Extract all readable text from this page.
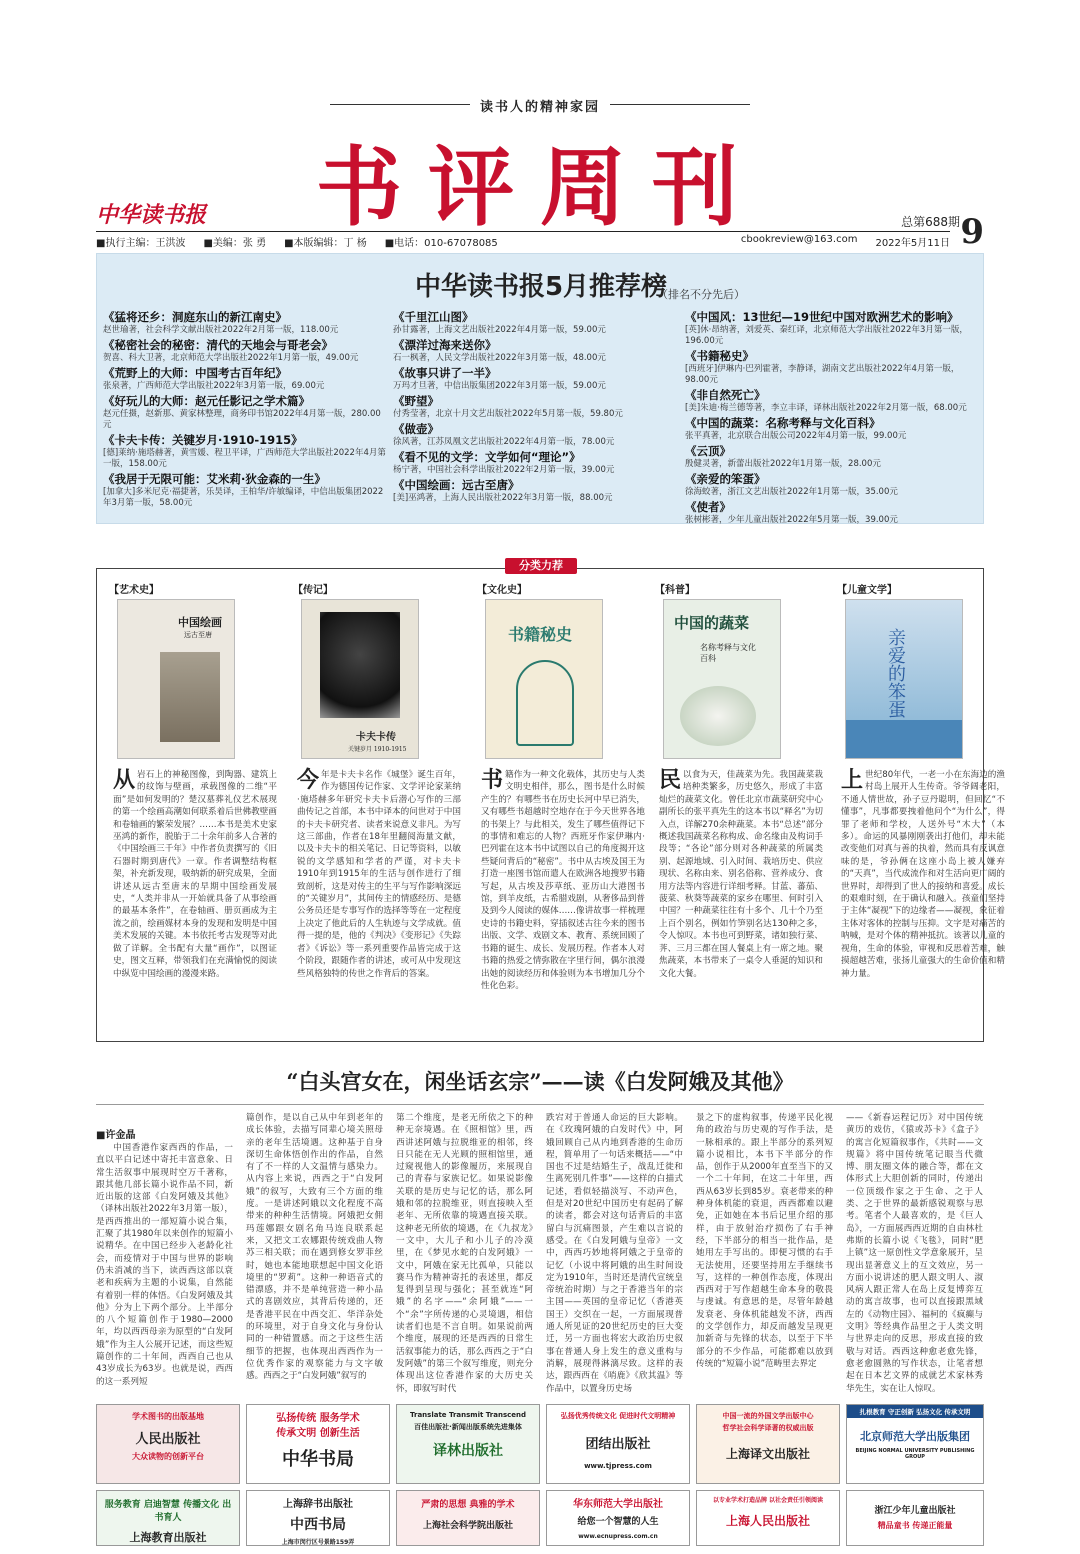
读书人的精神家园
书评周刊
中华读书报	总第688期 9
■执行主编：王洪波 ■美编：张 勇 ■本版编辑：丁 杨 ■电话：010-67078085	cbookreview@163.com 2022年5月11日
中华读书报5月推荐榜
（排名不分先后）
《猛将还乡：洞庭东山的新江南史》
赵世瑜著，社会科学文献出版社2022年2月第一版，118.00元
《秘密社会的秘密：清代的天地会与哥老会》
贺喜、科大卫著，北京师范大学出版社2022年1月第一版，49.00元
《荒野上的大师：中国考古百年纪》
张泉著，广西师范大学出版社2022年3月第一版，69.00元
《好玩儿的大师：赵元任影记之学术篇》
赵元任摄，赵新那、黄家林整理，商务印书馆2022年4月第一版，280.00元
《卡夫卡传：关键岁月·1910-1915》
[德]莱纳·施塔赫著，黄雪媛、程卫平译，广西师范大学出版社2022年4月第一版，158.00元
《我居于无限可能：艾米莉·狄金森的一生》
[加拿大]多米尼克·福捷著，乐昊译，王柏华/许敏编译，中信出版集团2022年3月第一版，58.00元
《千里江山图》
孙甘露著，上海文艺出版社2022年4月第一版，59.00元
《漂洋过海来送你》
石一枫著，人民文学出版社2022年3月第一版，48.00元
《故事只讲了一半》
万玛才旦著，中信出版集团2022年3月第一版，59.00元
《野望》
付秀莹著，北京十月文艺出版社2022年5月第一版，59.80元
《做壶》
徐风著，江苏凤凰文艺出版社2022年4月第一版，78.00元
《看不见的文学：文学如何“理论”》
杨宁著，中国社会科学出版社2022年2月第一版，39.00元
《中国绘画：远古至唐》
[美]巫鸿著，上海人民出版社2022年3月第一版，88.00元
《中国风：13世纪—19世纪中国对欧洲艺术的影响》
[英]休·昂纳著，刘爱英、秦红译，北京师范大学出版社2022年3月第一版，196.00元
《书籍秘史》
[西班牙]伊琳内·巴列霍著，李静译，湖南文艺出版社2022年4月第一版，98.00元
《非自然死亡》
[美]朱迪·梅兰德等著，李立丰译，译林出版社2022年2月第一版，68.00元
《中国的蔬菜：名称考释与文化百科》
张平真著，北京联合出版公司2022年4月第一版，99.00元
《云顶》
殷健灵著，新蕾出版社2022年1月第一版，28.00元
《亲爱的笨蛋》
徐海蛟著，浙江文艺出版社2022年1月第一版，35.00元
《使者》
张树彬著，少年儿童出版社2022年5月第一版，39.00元
【艺术史】
中国绘画
远古至唐
从岩石上的神秘图像，到陶器、建筑上的纹饰与壁画，承载图像的二维“平面”是如何发明的？楚汉墓葬礼仪艺术展现的第一个绘画高潮如何联系着后世佛教壁画和卷轴画的繁荣发展？……本书是美术史家巫鸿的新作，脱胎于二十余年前多人合著的《中国绘画三千年》中作者负责撰写的《旧石器时期到唐代》一章。作者调整结构框架，补充新发现，吸纳新的研究成果，全面讲述从远古至唐末的早期中国绘画发展史，“人类并非从一开始就具备了从事绘画的最基本条件”，在卷轴画、册页画成为主流之前，绘画媒材本身的发现和发明是中国美术发展的关键。本书依托考古发现等对此做了详解。全书配有大量“画作”，以图证史，图文互释，带领我们在充满愉悦的阅读中纵览中国绘画的漫漫来路。
【传记】
卡夫卡传
关键岁月 1910-1915
今年是卡夫卡名作《城堡》诞生百年，作为德国传记作家、文学评论家莱纳·施塔赫多年研究卡夫卡后潜心写作的三部曲传记之首部，本书中译本的问世对于中国的卡夫卡研究者、读者来说意义非凡。为写这三部曲，作者在18年里翻阅海量文献，以及卡夫卡的相关笔记、日记等资料，以敏锐的文学感知和学者的严谨，对卡夫卡1910年到1915年的生活与创作进行了细致剖析，这是对传主的生平与写作影响深远的“关键岁月”，其间传主的情感经历、是德公务员还是专事写作的选择等等在一定程度上决定了他此后的人生轨迹与文学成就。值得一提的是，他的《判决》《变形记》《失踪者》《诉讼》等一系列重要作品皆完成于这个阶段，跟随作者的讲述，或可从中发现这些风格独特的传世之作背后的答案。
【文化史】
书籍秘史
书籍作为一种文化载体，其历史与人类文明史相伴，那么，图书是什么时候产生的？有哪些书在历史长河中早已消失，又有哪些书超越时空地存在于今天世界各地的书架上？与此相关，发生了哪些值得记下的事情和难忘的人物？西班牙作家伊琳内·巴列霍在这本书中试图以自己的角度揭开这些疑问背后的“秘密”。书中从古埃及国王为打造一座图书馆而遣人在欧洲各地搜罗书籍写起，从古埃及莎草纸、亚历山大港图书馆，到羊皮纸，古希腊戏剧，从奢侈品到普及到今人阅读的媒体……像讲故事一样梳理史诗的书籍史料，穿插叙述古往今来的图书出版、文学、戏剧文本、教育、系统回顾了书籍的诞生、成长、发展历程。作者本人对书籍的热爱之情弥散在字里行间，偶尔浪漫出她的阅读经历和体验则为本书增加几分个性化色彩。
【科普】
中国的蔬菜
名称考释与文化百科
民以食为天，佳蔬菜为先。我国蔬菜栽培种类繁多，历史悠久，形成了丰富灿烂的蔬菜文化。曾任北京市蔬菜研究中心副所长的张平真先生的这本书以“释名”为切入点，详解270余种蔬菜。本书“总述”部分概述我国蔬菜名称构成、命名缘由及构词手段等；“各论”部分则对各种蔬菜的所属类别、起源地域、引入时间、栽培历史、供应现状、名称由来、别名俗称、营养成分、食用方法等内容进行详细考释。甘蓝、蕃茄、菠菜、秋葵等蔬菜的家乡在哪里、何时引入中国？一种蔬菜往往有十多个、几十个乃至上百个别名，例如竹笋别名达130种之多，令人惊叹。本书也可到野菜，诸如独行菜、荠、三月三都在国人餐桌上有一席之地。聚焦蔬菜，本书带来了一桌令人垂涎的知识和文化大餐。
【儿童文学】
亲爱的笨蛋
上世纪80年代，一老一小在东海边的渔村岛上展开人生传奇。爷爷阔老阳，不通人情世故，孙子豆丹聪明，但回忆“不懂事”，凡事都要拽着他问个“为什么”，得罪了老师和学校，人送外号“木大”（本多）。命运的风暴刚刚袭出打他们，却未能改变他们对真与善的执着，然而具有反讽意味的是，爷孙俩在这座小岛上被人嫌弃的“天真”，当代成流作和对生活向更广阔的世界时，却得到了世人的接纳和喜爱。成长的艰难时刻，在于确认和融入。孩童们坚持于主体“凝视”下的边缘者——凝视，象征着主体对客体的控制与压抑。文字是对痛苦的呐喊，是对个体的精神抵抗。该著以儿童的视角，生命的体验，审视和反思着苦难，触摸超越苦难，张扬儿童强大的生命价值和精神力量。
分类力荐
“白头宫女在，闲坐话玄宗”——读《白发阿娥及其他》
■许金晶
中国香港作家西西的作品，一直以平白记述中寄托丰富意象、日常生活叙事中展现时空万千著称，跟其他几部长篇小说作品不同，新近出版的这部《白发阿娥及其他》（译林出版社2022年3月第一版），是西西推出的一部短篇小说合集，汇聚了其1980年以来创作的短篇小说精华。在中国已经步入老龄化社会，而疫情对于中国与世界的影响仍未消减的当下，读西西这部以衰老和疾病为主题的小说集，自然能有着别一样的体悟。《白发阿娥及其他》分为上下两个部分。上半部分的八个短篇创作于1980—2000年，均以西西母亲为原型的“白发阿娥”作为主人公展开记述，而这些短篇创作的二十年间，西西自己也从43岁成长为63岁。也就是说，西西的这一系列短
篇创作，是以自己从中年到老年的成长体验，去描写同辈心境关照母亲的老年生活境遇。这种基于自身深切生命体悟创作出的作品，自然有了不一样的人文温情与感染力。从内容上来说，西西之于“白发阿娥”的叙写，大致有三个方面的维度。一是讲述阿娥以文化程度不高带来的种种生活情境。阿娥把女佣玛莲娜跟女剧名角马连良联系起来，又把文工农娜跟传统戏曲人物苏三相关联；而在遇到修女罗菲丝时，她也本能地联想起中国文化语境里的“罗莉”。这种一种语音式的错漂感，并不是单纯营造一种小品式的喜剧效应，其背后传递的，还是香港平民在中西交汇、华洋杂处的环境里，对于自身文化与身份认同的一种错置感。而之于这些生活细节的把握，也体现出西西作为一位优秀作家的观察能力与文字敏感。西西之于“白发阿娥”叙写的
第二个维度，是老无所依之下的种种无奈境遇。在《照相馆》里，西西讲述阿娥与拉脱维亚的相邻，终日只能在无人光顾的照相馆里，通过窥视他人的影像履历，来展现自己的青春与家族记忆。如果说影像关联的是历史与记忆的话，那么阿娥和邻的拉脱维亚，则直接映入至老年、无所依靠的境遇直接关联。这种老无所依的境遇，在《九叔龙》一文中，大儿子和小儿子的冷漠里，在《梦见水蛇的白发阿娥》一文中，阿娥在家无比孤单，只能以赛马作为精神寄托的表述里，都反复得到呈现与强化；甚至就连“阿娥”的名字——“余阿娥”——一个“余”字所传递的心灵境遇，相信读者们也是不言自明。如果说前两个维度，展现的还是西西的日常生活叙事能力的话，那么西西之于“白发阿娥”的第三个叙写维度，则充分体现出这位香港作家的大历史关怀，即叙写时代
跌宕对于普通人命运的巨大影响。在《玫瑰阿娥的白发时代》中，阿娥回顾自己从内地到香港的生命历程，简单用了一句话来概括——“中国也不过是结婚生子，战乱迁徙和生离死别几件事”——这样的白描式记述，看似轻描淡写、不动声色，但是对20世纪中国历史有起码了解的读者，都会对这句话背后的丰富留白与沉痛图景，产生难以言说的感受。在《白发阿娥与皇帝》一文中，西西巧妙地将阿娥之于皇帝的记忆（小说中将阿娥的出生时间设定为1910年，当时还是清代宣统皇帝统治时期）与之于香港当年的宗主国——英国的皇帝记忆（香港英国王）交织在一起，一方面展现普通人所见证的20世纪历史的巨大变迁，另一方面也将宏大政治历史叙事在普通人身上发生的意义重构与消解，展现得淋漓尽致。这样的表达，跟西西在《哨鹿》《欣其温》等作品中，以置身历史场
景之下的虚构叙事，传递平民化视角的政治与历史观的写作手法，是一脉相承的。跟上半部分的系列短篇小说相比，本书下半部分的作品，创作于从2000年直至当下的又一个二十年间，在这二十年里，西西从63岁长到85岁。衰老带来的种种身体机能的衰退，西西都难以避免，正如她在本书后记里介绍的那样，由于放射治疗损伤了右手神经，下半部分的相当一批作品，是她用左手写出的。即便习惯的右手无法使用，还要坚持用左手继续书写，这样的一种创作态度，体现出西西对于写作超越生命本身的敬畏与虔诚。有意思的是，尽管年龄越发衰老、身体机能越发不济，西西的文学创作力，却反而越发呈现更加新奇与先锋的状态，以至于下半部分的不少作品，可能都难以放到传统的“短篇小说”范畴里去界定
——《新春运程记历》对中国传统黄历的戏仿，《猿或苏卡》《盒子》的寓言化短篇叙事作，《共时——文规篇》将中国传统笔记眼当代微博、朋友圈文体的融合等，都在文体形式上大胆创新的同时，传递出一位顶级作家之于生命、之于人类、之于世界的最新感锐观察与思考。笔者个人最喜欢的，是《巨人岛》，一方面展西西近期的自由林杜弗斯的长篇小说《飞毯》，同时“肥上镇”这一原创性文学意象展开，呈现出显著意义上的互文效应，另一方面小说讲述的肥人跟文明人、淑风病人跟正常人在岛上反复博弈互动的寓言故事，也可以直接跟黑域左的《动物庄园》、福柯的《疯癫与文明》等经典作品里之于人类文明与世界走向的反思，形成直接的致敬与对话。西西这种愈老愈先锋，愈老愈圆熟的写作状态，让笔者想起在日本艺文界的成就艺术家林秀华先生，实在让人惊叹。
学术图书的出版基地
人民出版社
大众读物的创新平台
弘扬传统 服务学术
传承文明 创新生活
中华书局
Translate Transmit Transcend
百佳出版社·新闻出版系统先进集体
译林出版社
弘扬优秀传统文化 促进时代文明精神
团结出版社
www.tjpress.com
中国一流的外国文学出版中心
哲学社会科学译著的权威出版
上海译文出版社
扎根教育 守正创新 弘扬文化 传承文明
北京师范大学出版集团
BEIJING NORMAL UNIVERSITY PUBLISHING GROUP
服务教育 启迪智慧 传播文化 出书育人
上海教育出版社
上海辞书出版社
中西书局
上海市闵行区号景路159弄
严肃的思想 典雅的学术
上海社会科学院出版社
华东师范大学出版社
给您一个智慧的人生
www.ecnupress.com.cn
以专业学术打造品牌 以社会责任引领阅读
上海人民出版社
浙江少年儿童出版社
精品童书 传递正能量
